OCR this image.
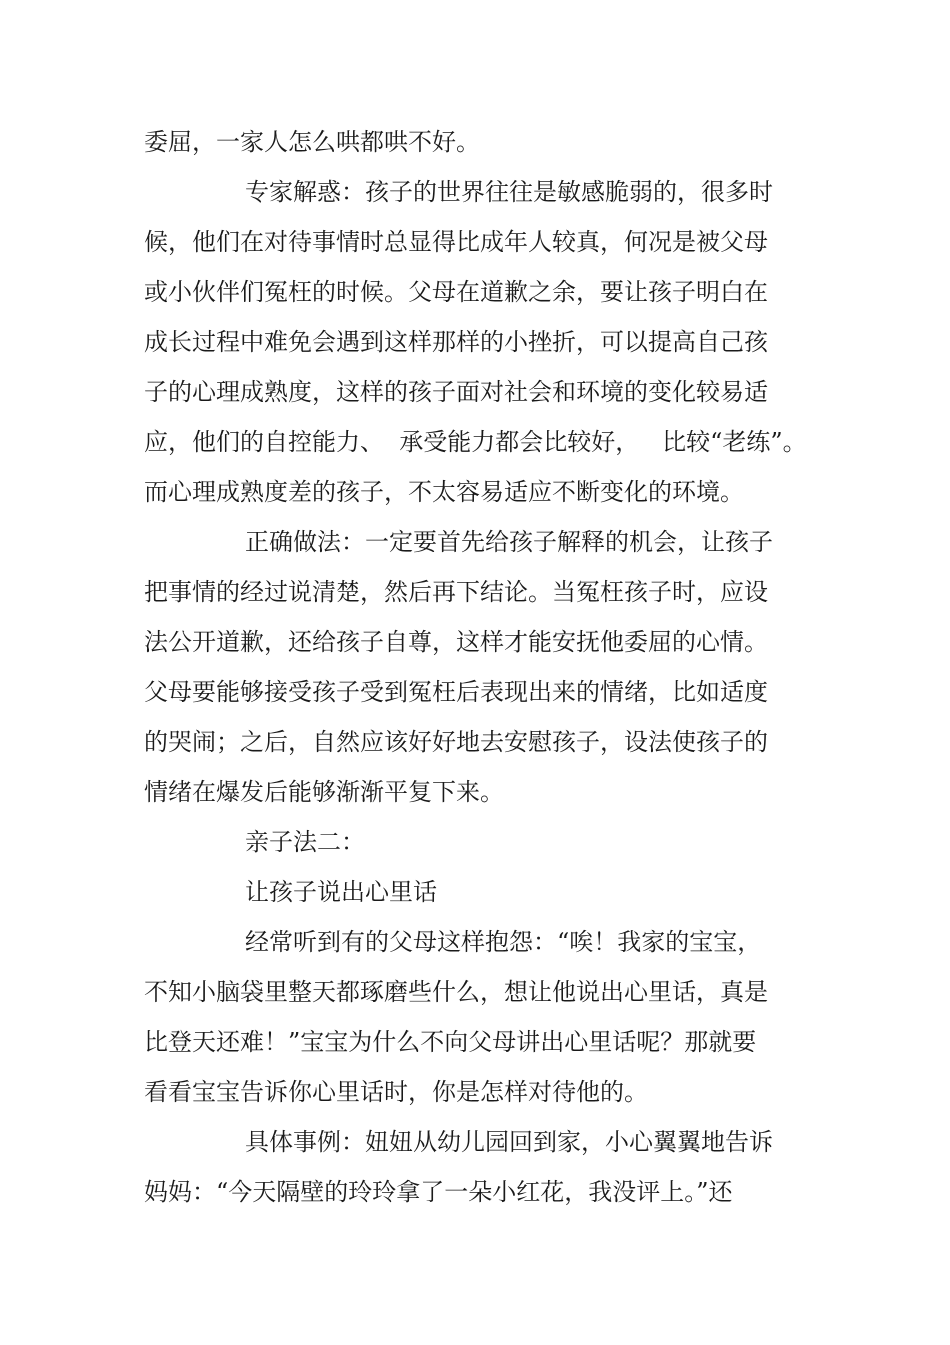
委屈，一家人怎么哄都哄不好。
专家解惑：孩子的世界往往是敏感脆弱的，很多时
候，他们在对待事情时总显得比成年人较真，何况是被父母
或小伙伴们冤枉的时候。父母在道歉之余，要让孩子明白在
成长过程中难免会遇到这样那样的小挫折，可以提高自己孩
子的心理成熟度，这样的孩子面对社会和环境的变化较易适
应，他们的自控能力、  承受能力都会比较好，   比较“老练”。
而心理成熟度差的孩子，不太容易适应不断变化的环境。
正确做法：一定要首先给孩子解释的机会，让孩子
把事情的经过说清楚，然后再下结论。当冤枉孩子时，应设
法公开道歉，还给孩子自尊，这样才能安抚他委屈的心情。
父母要能够接受孩子受到冤枉后表现出来的情绪，比如适度
的哭闹；之后，自然应该好好地去安慰孩子，设法使孩子的
情绪在爆发后能够渐渐平复下来。
亲子法二：
让孩子说出心里话
经常听到有的父母这样抱怨：“唉！我家的宝宝，
不知小脑袋里整天都琢磨些什么，想让他说出心里话，真是
比登天还难！”宝宝为什么不向父母讲出心里话呢？那就要
看看宝宝告诉你心里话时，你是怎样对待他的。
具体事例：妞妞从幼儿园回到家，小心翼翼地告诉
妈妈：“今天隔壁的玲玲拿了一朵小红花，我没评上。”还
